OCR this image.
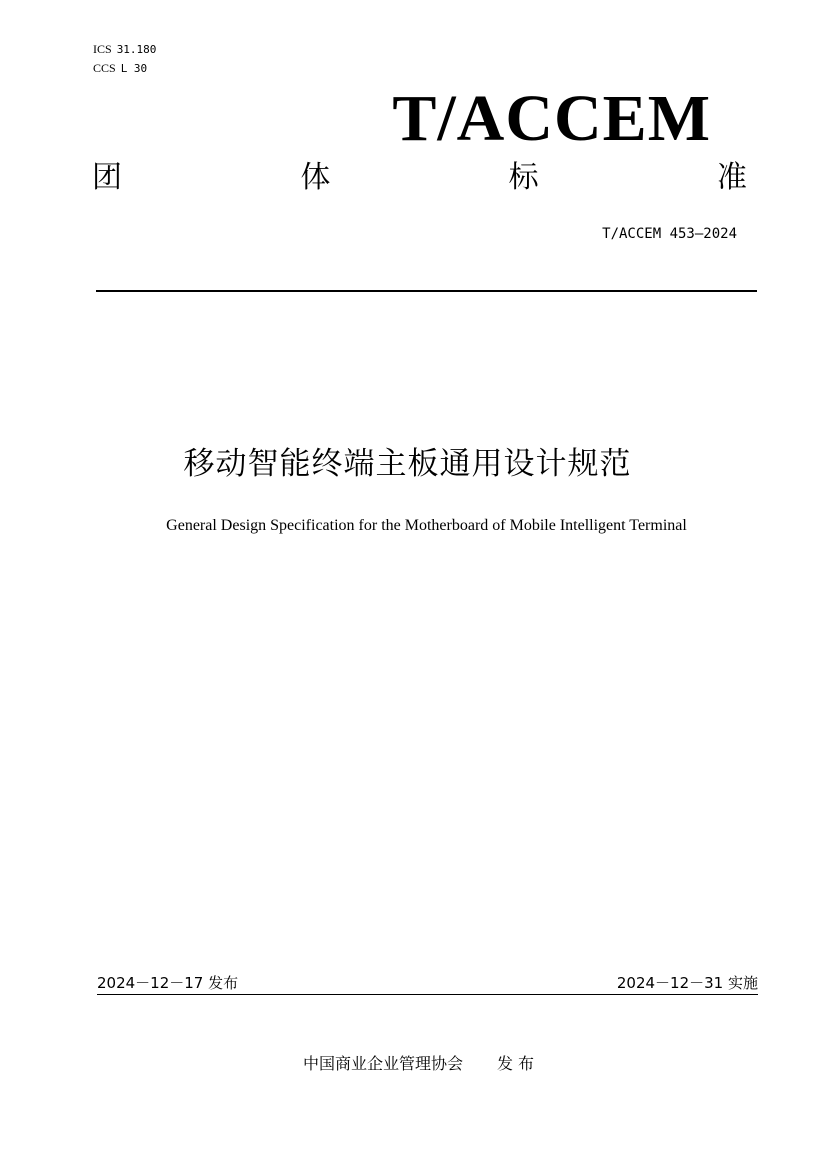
ICS 31.180
CCS L 30
T/ACCEM
团	体	标	准
T/ACCEM 453—2024
移动智能终端主板通用设计规范
General Design Specification for the Motherboard of Mobile Intelligent Terminal
2024－12－17 发布	2024－12－31 实施
中国商业企业管理协会 发 布
